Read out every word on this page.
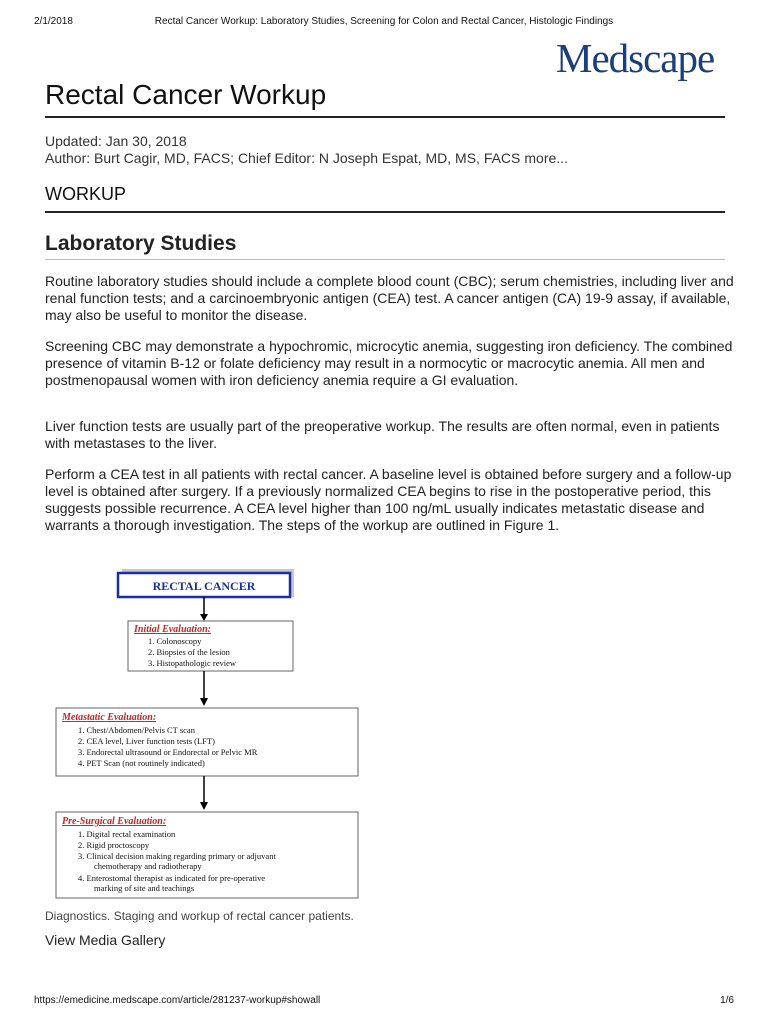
2/1/2018	Rectal Cancer Workup: Laboratory Studies, Screening for Colon and Rectal Cancer, Histologic Findings
Medscape
Rectal Cancer Workup
Updated: Jan 30, 2018
Author: Burt Cagir, MD, FACS; Chief Editor: N Joseph Espat, MD, MS, FACS more...
WORKUP
Laboratory Studies

Routine laboratory studies should include a complete blood count (CBC); serum chemistries, including liver and renal function tests; and a carcinoembryonic antigen (CEA) test. A cancer antigen (CA) 19-9 assay, if available, may also be useful to monitor the disease.

Screening CBC may demonstrate a hypochromic, microcytic anemia, suggesting iron deficiency. The combined presence of vitamin B-12 or folate deficiency may result in a normocytic or macrocytic anemia. All men and postmenopausal women with iron deficiency anemia require a GI evaluation.

Liver function tests are usually part of the preoperative workup. The results are often normal, even in patients with metastases to the liver.

Perform a CEA test in all patients with rectal cancer. A baseline level is obtained before surgery and a follow-up level is obtained after surgery. If a previously normalized CEA begins to rise in the postoperative period, this suggests possible recurrence. A CEA level higher than 100 ng/mL usually indicates metastatic disease and warrants a thorough investigation. The steps of the workup are outlined in Figure 1.

RECTAL CANCER
Initial Evaluation:
1. Colonoscopy
2. Biopsies of the lesion
3. Histopathologic review
Metastatic Evaluation:
1. Chest/Abdomen/Pelvis CT scan
2. CEA level, Liver function tests (LFT)
3. Endorectal ultrasound or Endorectal or Pelvic MR
4. PET Scan (not routinely indicated)
Pre-Surgical Evaluation:
1. Digital rectal examination
2. Rigid proctoscopy
3. Clinical decision making regarding primary or adjuvant
chemotherapy and radiotherapy
4. Enterostomal therapist as indicated for pre-operative
marking of site and teachings
Diagnostics. Staging and workup of rectal cancer patients.
View Media Gallery
https://emedicine.medscape.com/article/281237-workup#showall	1/6
